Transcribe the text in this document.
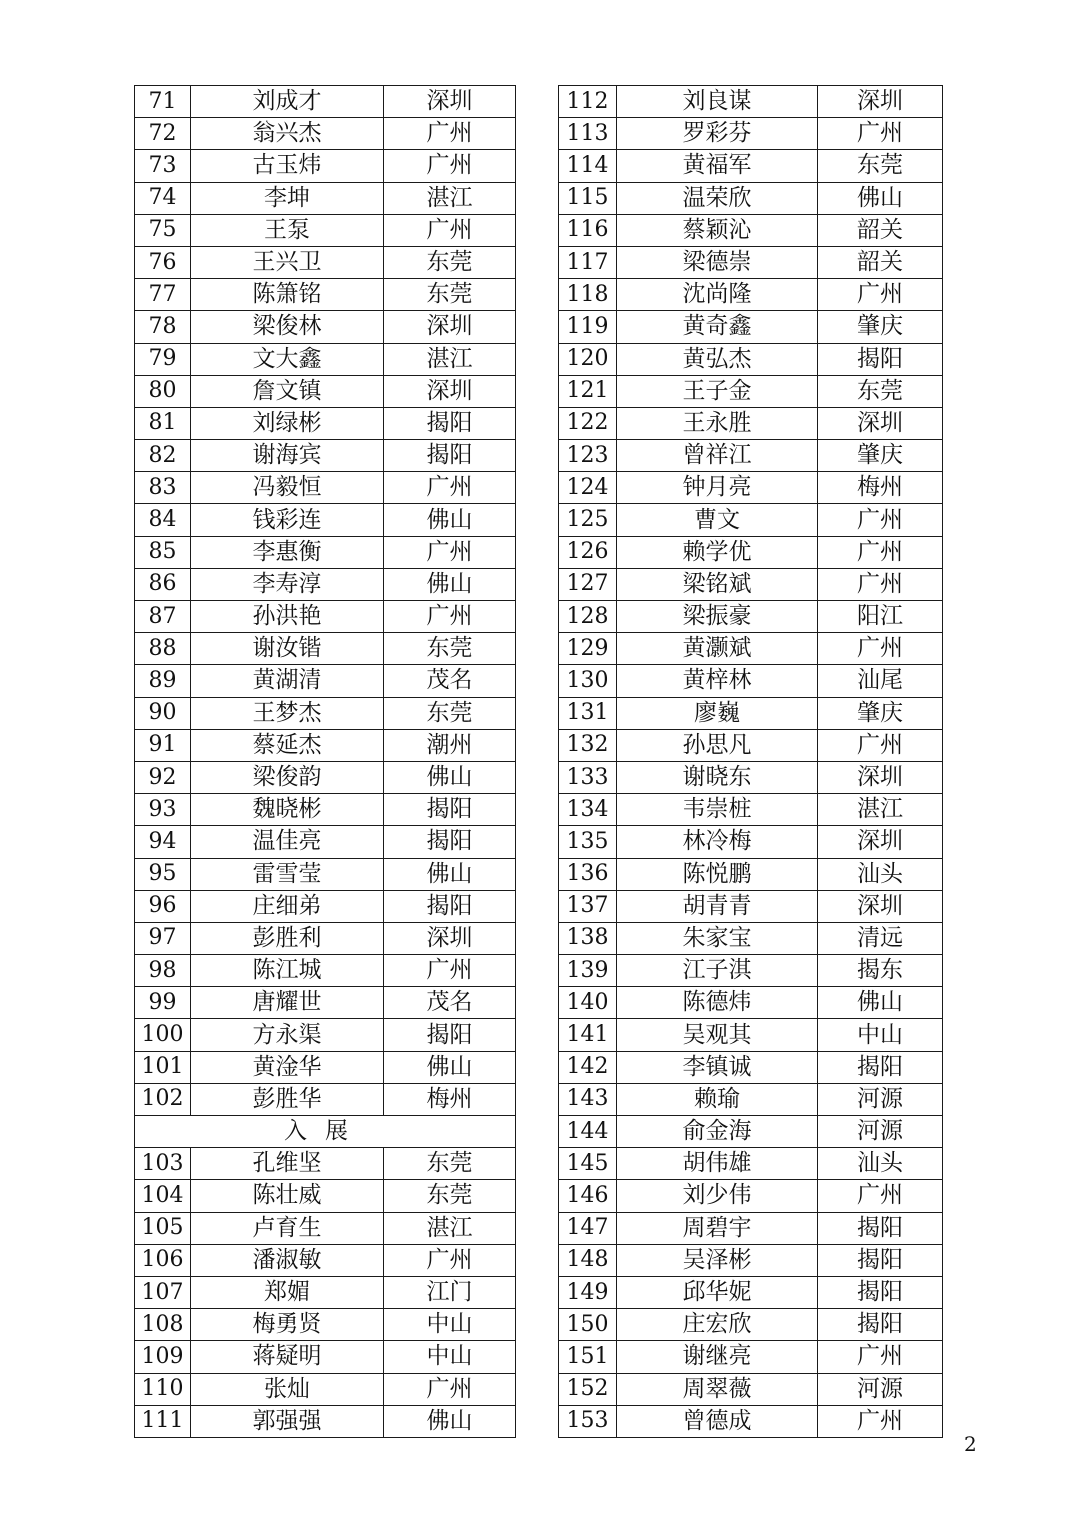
71	刘成才	深圳
72	翁兴杰	广州
73	古玉炜	广州
74	李坤	湛江
75	王泵	广州
76	王兴卫	东莞
77	陈箫铭	东莞
78	梁俊林	深圳
79	文大鑫	湛江
80	詹文镇	深圳
81	刘绿彬	揭阳
82	谢海宾	揭阳
83	冯毅恒	广州
84	钱彩连	佛山
85	李惠衡	广州
86	李寿淳	佛山
87	孙洪艳	广州
88	谢汝锴	东莞
89	黄湖清	茂名
90	王梦杰	东莞
91	蔡延杰	潮州
92	梁俊韵	佛山
93	魏晓彬	揭阳
94	温佳亮	揭阳
95	雷雪莹	佛山
96	庄细弟	揭阳
97	彭胜利	深圳
98	陈江城	广州
99	唐耀世	茂名
100	方永渠	揭阳
101	黄淦华	佛山
102	彭胜华	梅州
入展		
103	孔维坚	东莞
104	陈壮威	东莞
105	卢育生	湛江
106	潘淑敏	广州
107	郑媚	江门
108	梅勇贤	中山
109	蒋疑明	中山
110	张灿	广州
111	郭强强	佛山
112	刘良谋	深圳
113	罗彩芬	广州
114	黄福军	东莞
115	温荣欣	佛山
116	蔡颖沁	韶关
117	梁德崇	韶关
118	沈尚隆	广州
119	黄奇鑫	肇庆
120	黄弘杰	揭阳
121	王子金	东莞
122	王永胜	深圳
123	曾祥江	肇庆
124	钟月亮	梅州
125	曹文	广州
126	赖学优	广州
127	梁铭斌	广州
128	梁振豪	阳江
129	黄灏斌	广州
130	黄梓林	汕尾
131	廖巍	肇庆
132	孙思凡	广州
133	谢晓东	深圳
134	韦崇桩	湛江
135	林冷梅	深圳
136	陈悦鹏	汕头
137	胡青青	深圳
138	朱家宝	清远
139	江子淇	揭东
140	陈德炜	佛山
141	吴观其	中山
142	李镇诚	揭阳
143	赖瑜	河源
144	俞金海	河源
145	胡伟雄	汕头
146	刘少伟	广州
147	周碧宇	揭阳
148	吴泽彬	揭阳
149	邱华妮	揭阳
150	庄宏欣	揭阳
151	谢继亮	广州
152	周翠薇	河源
153	曾德成	广州
2
